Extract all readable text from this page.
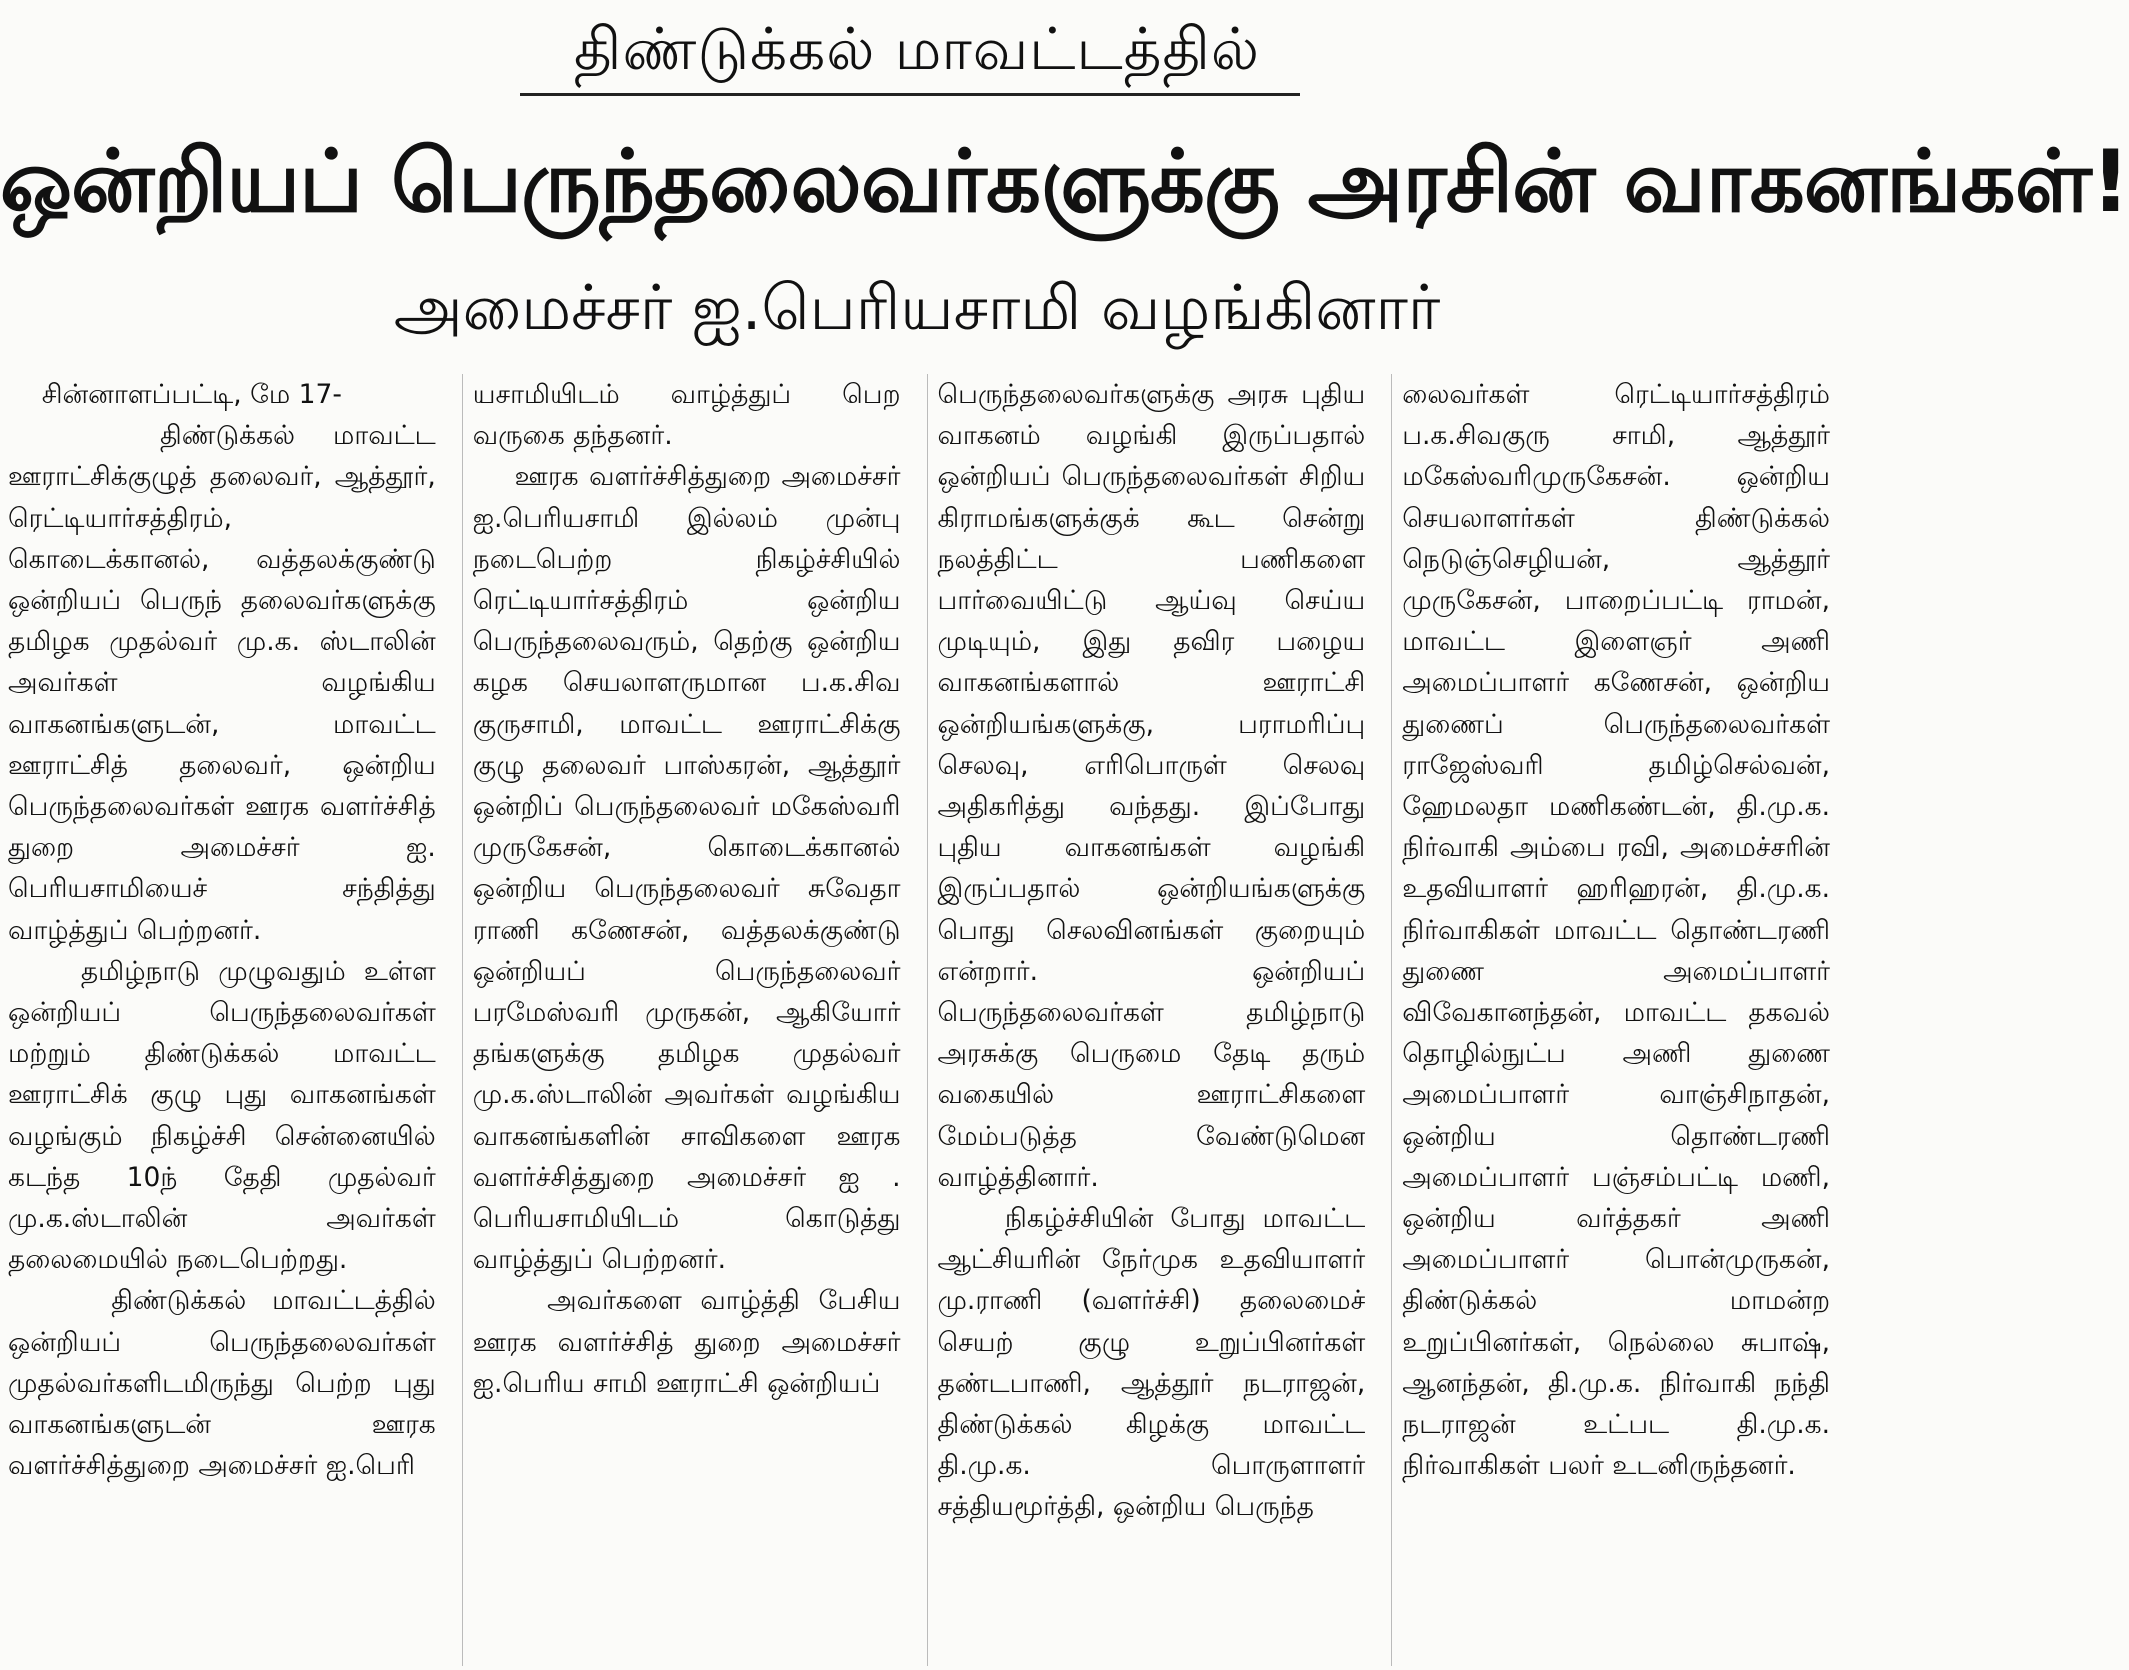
திண்டுக்கல் மாவட்டத்தில்
ஒன்றியப் பெருந்தலைவர்களுக்கு அரசின் வாகனங்கள்!
அமைச்சர் ஐ.பெரியசாமி வழங்கினார்
சின்னாளப்பட்டி, மே 17-
திண்டுக்கல் மாவட்ட ஊராட்சிக்குழுத் தலைவர், ஆத்தூர், ரெட்டியார்சத்திரம், கொடைக்கானல், வத்தலக்குண்டு ஒன்றியப் பெருந் தலைவர்களுக்கு தமிழக முதல்வர் மு.க. ஸ்டாலின் அவர்கள் வழங்கிய வாகனங்களுடன், மாவட்ட ஊராட்சித் தலைவர், ஒன்றிய பெருந்தலைவர்கள் ஊரக வளர்ச்சித் துறை அமைச்சர் ஐ. பெரியசாமியைச் சந்தித்து வாழ்த்துப் பெற்றனர்.
தமிழ்நாடு முழுவதும் உள்ள ஒன்றியப் பெருந்தலைவர்கள் மற்றும் திண்டுக்கல் மாவட்ட ஊராட்சிக் குழு புது வாகனங்கள் வழங்கும் நிகழ்ச்சி சென்னையில் கடந்த 10ந் தேதி முதல்வர் மு.க.ஸ்டாலின் அவர்கள் தலைமையில் நடைபெற்றது.
திண்டுக்கல் மாவட்டத்தில் ஒன்றியப் பெருந்தலைவர்கள் முதல்வர்களிடமிருந்து பெற்ற புது வாகனங்களுடன் ஊரக வளர்ச்சித்துறை அமைச்சர் ஐ.பெரி
யசாமியிடம் வாழ்த்துப் பெற வருகை தந்தனர்.
ஊரக வளர்ச்சித்துறை அமைச்சர் ஐ.பெரியசாமி இல்லம் முன்பு நடைபெற்ற நிகழ்ச்சியில் ரெட்டியார்சத்திரம் ஒன்றிய பெருந்தலைவரும், தெற்கு ஒன்றிய கழக செயலாளருமான ப.க.சிவ குருசாமி, மாவட்ட ஊராட்சிக்கு குழு தலைவர் பாஸ்கரன், ஆத்தூர் ஒன்றிப் பெருந்தலைவர் மகேஸ்வரி முருகேசன், கொடைக்கானல் ஒன்றிய பெருந்தலைவர் சுவேதா ராணி கணேசன், வத்தலக்குண்டு ஒன்றியப் பெருந்தலைவர் பரமேஸ்வரி முருகன், ஆகியோர் தங்களுக்கு தமிழக முதல்வர் மு.க.ஸ்டாலின் அவர்கள் வழங்கிய வாகனங்களின் சாவிகளை ஊரக வளர்ச்சித்துறை அமைச்சர் ஐ . பெரியசாமியிடம் கொடுத்து வாழ்த்துப் பெற்றனர்.
அவர்களை வாழ்த்தி பேசிய ஊரக வளர்ச்சித் துறை அமைச்சர் ஐ.பெரிய சாமி ஊராட்சி ஒன்றியப்
பெருந்தலைவர்களுக்கு அரசு புதிய வாகனம் வழங்கி இருப்பதால் ஒன்றியப் பெருந்தலைவர்கள் சிறிய கிராமங்களுக்குக் கூட சென்று நலத்திட்ட பணிகளை பார்வையிட்டு ஆய்வு செய்ய முடியும், இது தவிர பழைய வாகனங்களால் ஊராட்சி ஒன்றியங்களுக்கு, பராமரிப்பு செலவு, எரிபொருள் செலவு அதிகரித்து வந்தது. இப்போது புதிய வாகனங்கள் வழங்கி இருப்பதால் ஒன்றியங்களுக்கு பொது செலவினங்கள் குறையும் என்றார். ஒன்றியப் பெருந்தலைவர்கள் தமிழ்நாடு அரசுக்கு பெருமை தேடி தரும் வகையில் ஊராட்சிகளை மேம்படுத்த வேண்டுமென வாழ்த்தினார்.
நிகழ்ச்சியின் போது மாவட்ட ஆட்சியரின் நேர்முக உதவியாளர் மு.ராணி (வளர்ச்சி) தலைமைச் செயற் குழு உறுப்பினர்கள் தண்டபாணி, ஆத்தூர் நடராஜன், திண்டுக்கல் கிழக்கு மாவட்ட தி.மு.க. பொருளாளர் சத்தியமூர்த்தி, ஒன்றிய பெருந்த
லைவர்கள் ரெட்டியார்சத்திரம் ப.க.சிவகுரு சாமி, ஆத்தூர் மகேஸ்வரிமுருகேசன். ஒன்றிய செயலாளர்கள் திண்டுக்கல் நெடுஞ்செழியன், ஆத்தூர் முருகேசன், பாறைப்பட்டி ராமன், மாவட்ட இளைஞர் அணி அமைப்பாளர் கணேசன், ஒன்றிய துணைப் பெருந்தலைவர்கள் ராஜேஸ்வரி தமிழ்செல்வன், ஹேமலதா மணிகண்டன், தி.மு.க. நிர்வாகி அம்பை ரவி, அமைச்சரின் உதவியாளர் ஹரிஹரன், தி.மு.க. நிர்வாகிகள் மாவட்ட தொண்டரணி துணை அமைப்பாளர் விவேகானந்தன், மாவட்ட தகவல் தொழில்நுட்ப அணி துணை அமைப்பாளர் வாஞ்சிநாதன், ஒன்றிய தொண்டரணி அமைப்பாளர் பஞ்சம்பட்டி மணி, ஒன்றிய வர்த்தகர் அணி அமைப்பாளர் பொன்முருகன், திண்டுக்கல் மாமன்ற உறுப்பினர்கள், நெல்லை சுபாஷ், ஆனந்தன், தி.மு.க. நிர்வாகி நந்தி நடராஜன் உட்பட தி.மு.க. நிர்வாகிகள் பலர் உடனிருந்தனர்.
